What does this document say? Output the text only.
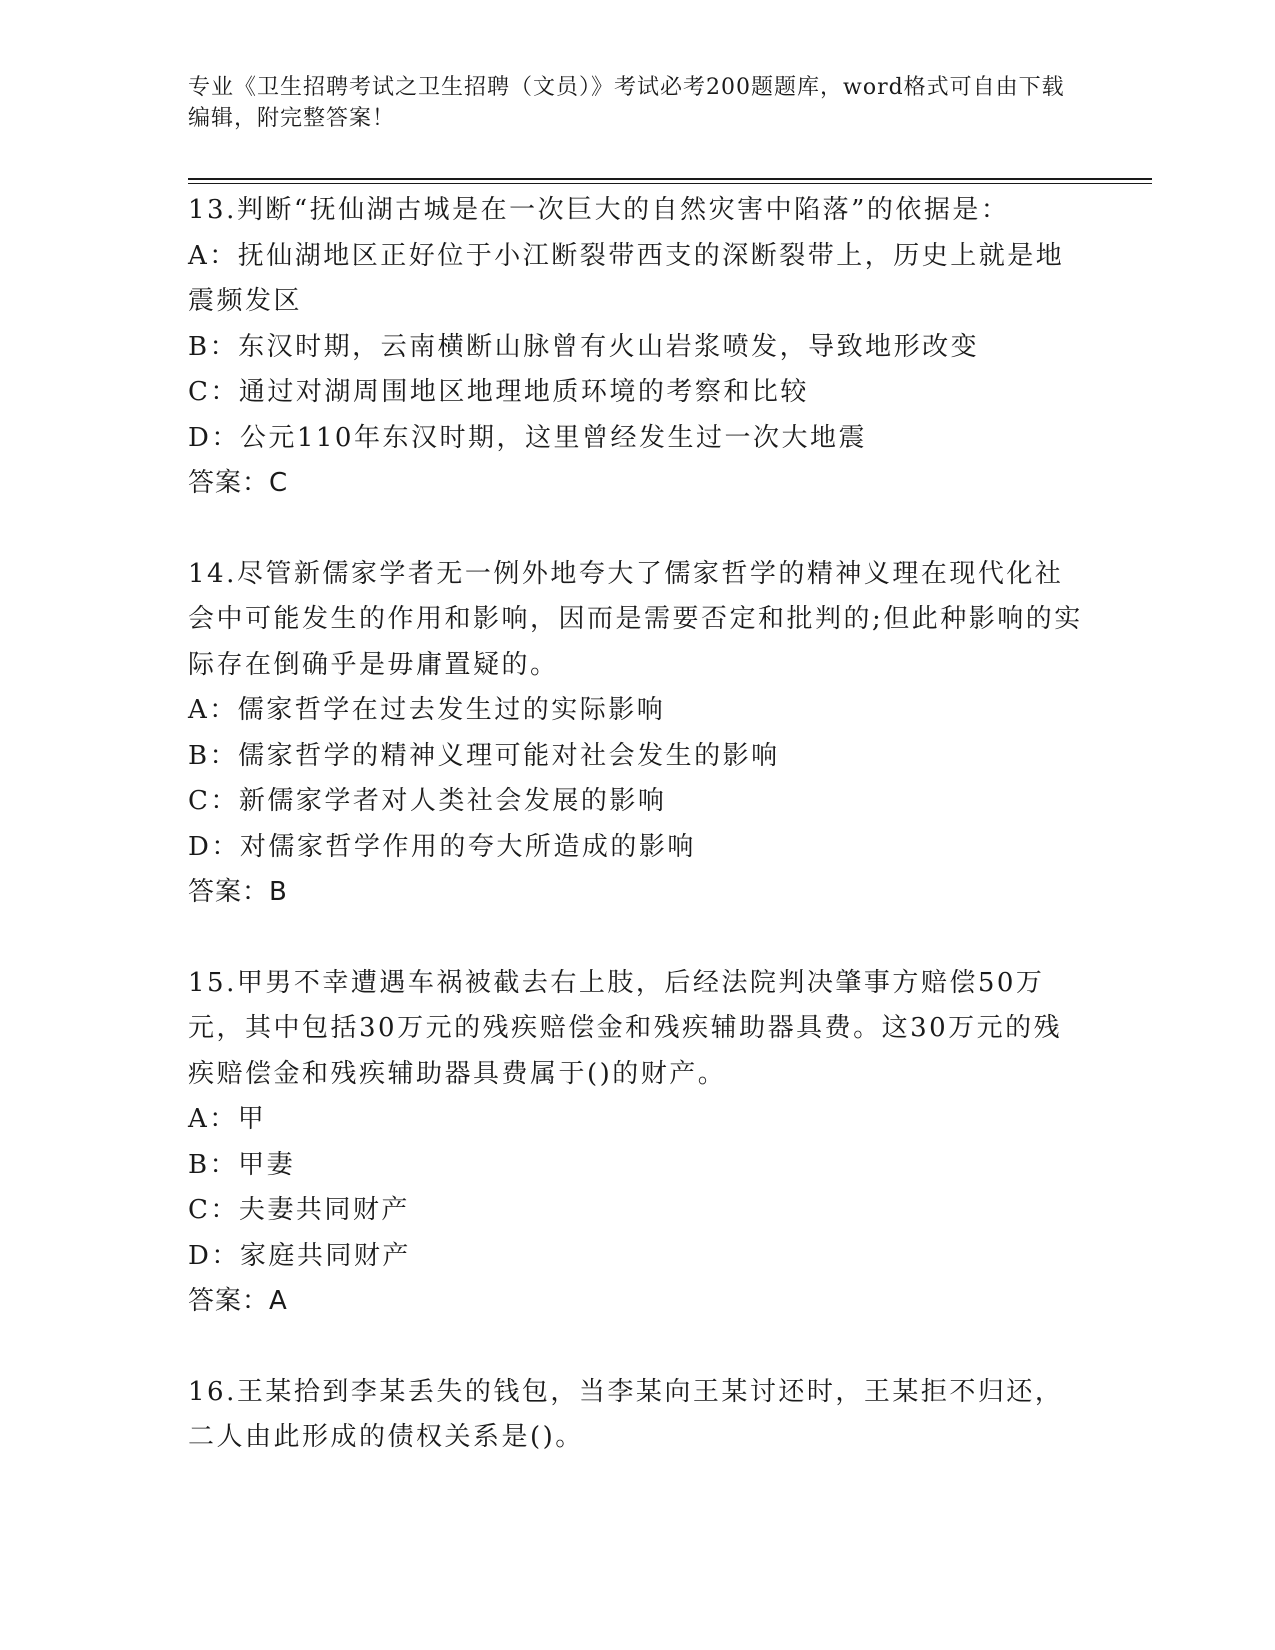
专业《卫生招聘考试之卫生招聘（文员）》考试必考200题题库，word格式可自由下载编辑，附完整答案！
13.判断“抚仙湖古城是在一次巨大的自然灾害中陷落”的依据是：
A：抚仙湖地区正好位于小江断裂带西支的深断裂带上，历史上就是地震频发区
B：东汉时期，云南横断山脉曾有火山岩浆喷发，导致地形改变
C：通过对湖周围地区地理地质环境的考察和比较
D：公元110年东汉时期，这里曾经发生过一次大地震
答案：C
14.尽管新儒家学者无一例外地夸大了儒家哲学的精神义理在现代化社会中可能发生的作用和影响，因而是需要否定和批判的;但此种影响的实际存在倒确乎是毋庸置疑的。
A：儒家哲学在过去发生过的实际影响
B：儒家哲学的精神义理可能对社会发生的影响
C：新儒家学者对人类社会发展的影响
D：对儒家哲学作用的夸大所造成的影响
答案：B
15.甲男不幸遭遇车祸被截去右上肢，后经法院判决肇事方赔偿50万元，其中包括30万元的残疾赔偿金和残疾辅助器具费。这30万元的残疾赔偿金和残疾辅助器具费属于()的财产。
A：甲
B：甲妻
C：夫妻共同财产
D：家庭共同财产
答案：A
16.王某拾到李某丢失的钱包，当李某向王某讨还时，王某拒不归还，二人由此形成的债权关系是()。
